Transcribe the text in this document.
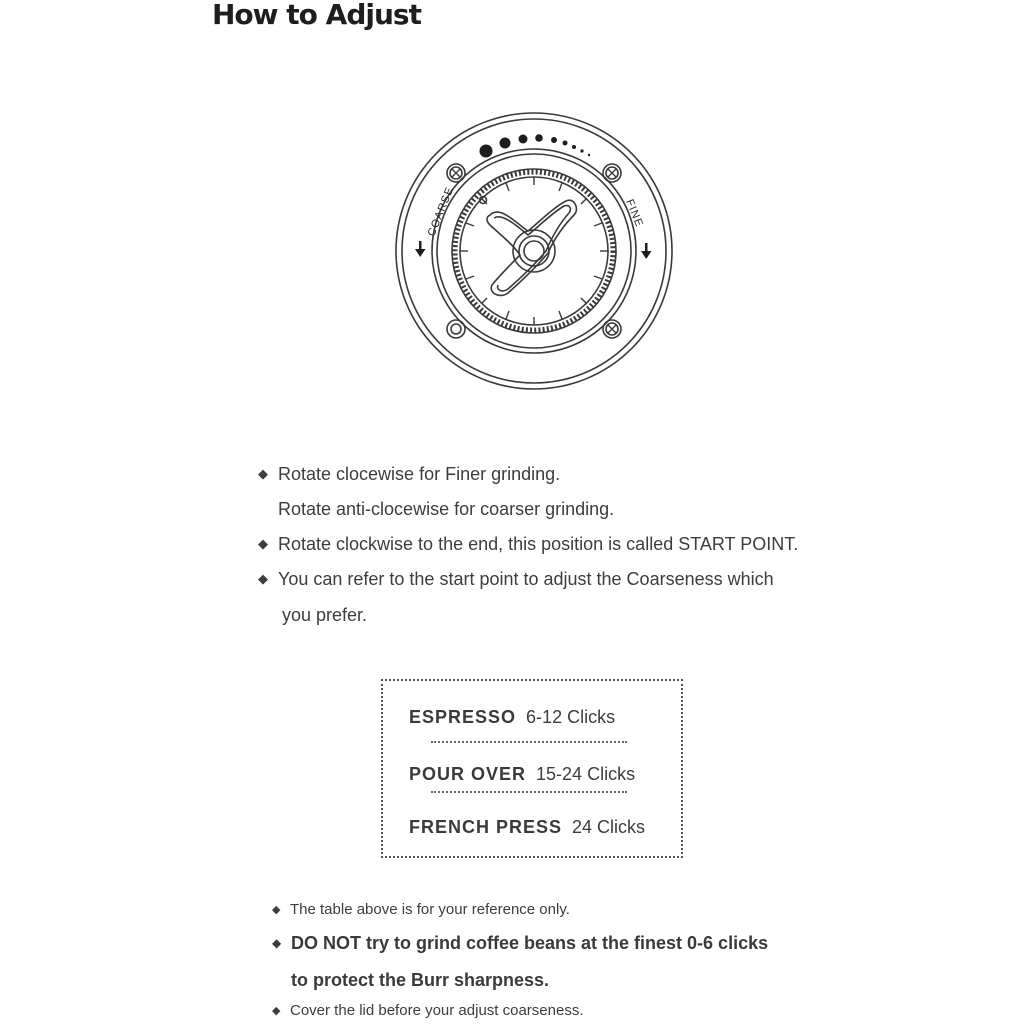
How to Adjust
COARSE	FINE
◆ Rotate clocewise for Finer grinding.
Rotate anti-clocewise for coarser grinding.
◆ Rotate clockwise to the end, this position is called START POINT.
◆ You can refer to the start point to adjust the Coarseness which
you prefer.
ESPRESSO 6-12 Clicks
POUR OVER 15-24 Clicks
FRENCH PRESS 24 Clicks
◆ The table above is for your reference only.
◆ DO NOT try to grind coffee beans at the finest 0-6 clicks
to protect the Burr sharpness.
◆ Cover the lid before your adjust coarseness.
